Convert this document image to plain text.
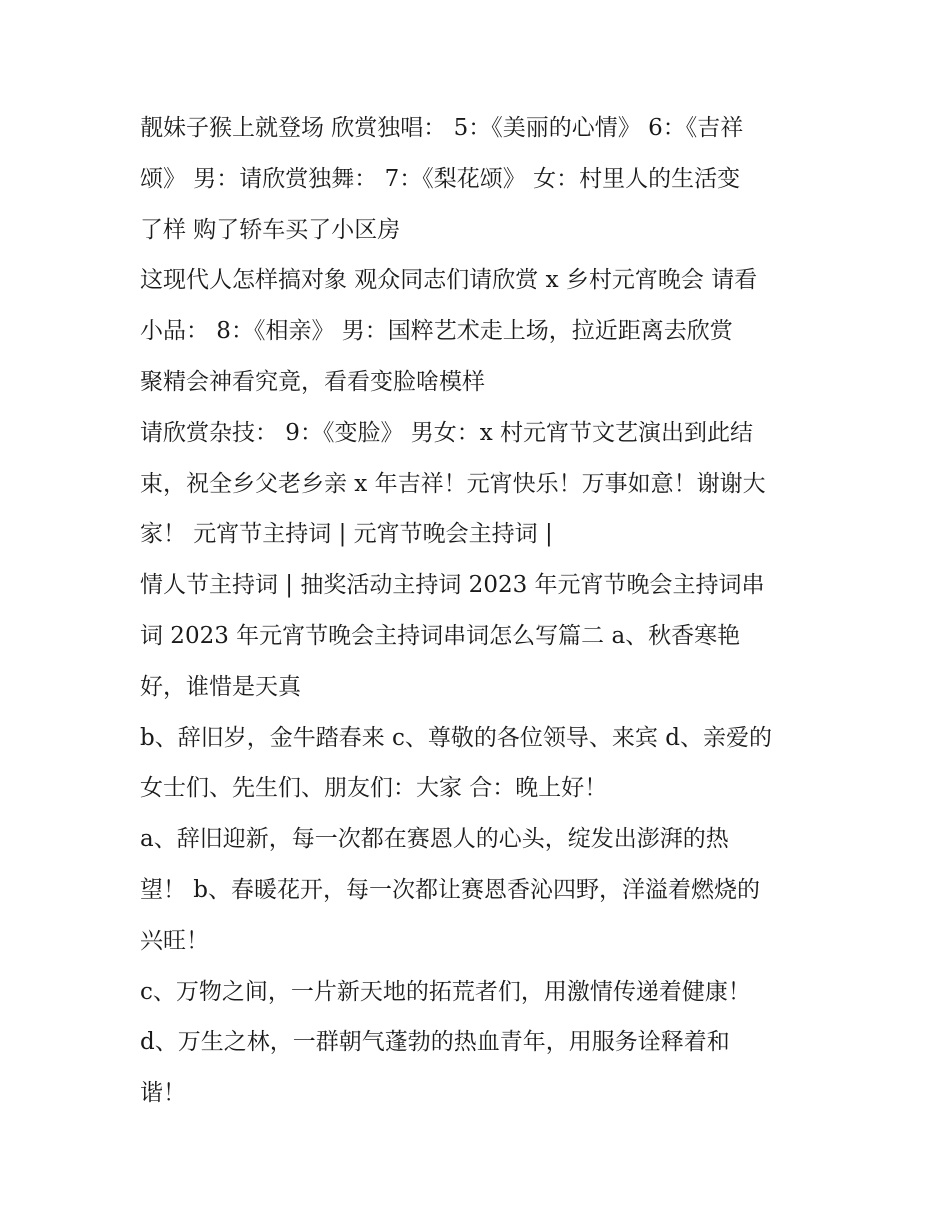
靓妹子猴上就登场 欣赏独唱： 5：《美丽的心情》 6：《吉祥
颂》 男：请欣赏独舞： 7：《梨花颂》 女：村里人的生活变
了样 购了轿车买了小区房
这现代人怎样搞对象 观众同志们请欣赏 x 乡村元宵晚会 请看
小品： 8：《相亲》 男：国粹艺术走上场，拉近距离去欣赏
聚精会神看究竟，看看变脸啥模样
请欣赏杂技： 9：《变脸》 男女：x 村元宵节文艺演出到此结
束，祝全乡父老乡亲 x 年吉祥！元宵快乐！万事如意！谢谢大
家！ 元宵节主持词 | 元宵节晚会主持词 |
情人节主持词 | 抽奖活动主持词 2023 年元宵节晚会主持词串
词 2023 年元宵节晚会主持词串词怎么写篇二 a、秋香寒艳
好，谁惜是天真
b、辞旧岁，金牛踏春来 c、尊敬的各位领导、来宾 d、亲爱的
女士们、先生们、朋友们：大家 合：晚上好！
a、辞旧迎新，每一次都在赛恩人的心头，绽发出澎湃的热
望！ b、春暖花开，每一次都让赛恩香沁四野，洋溢着燃烧的
兴旺！
c、万物之间，一片新天地的拓荒者们，用激情传递着健康！
d、万生之林，一群朝气蓬勃的热血青年，用服务诠释着和
谐！
